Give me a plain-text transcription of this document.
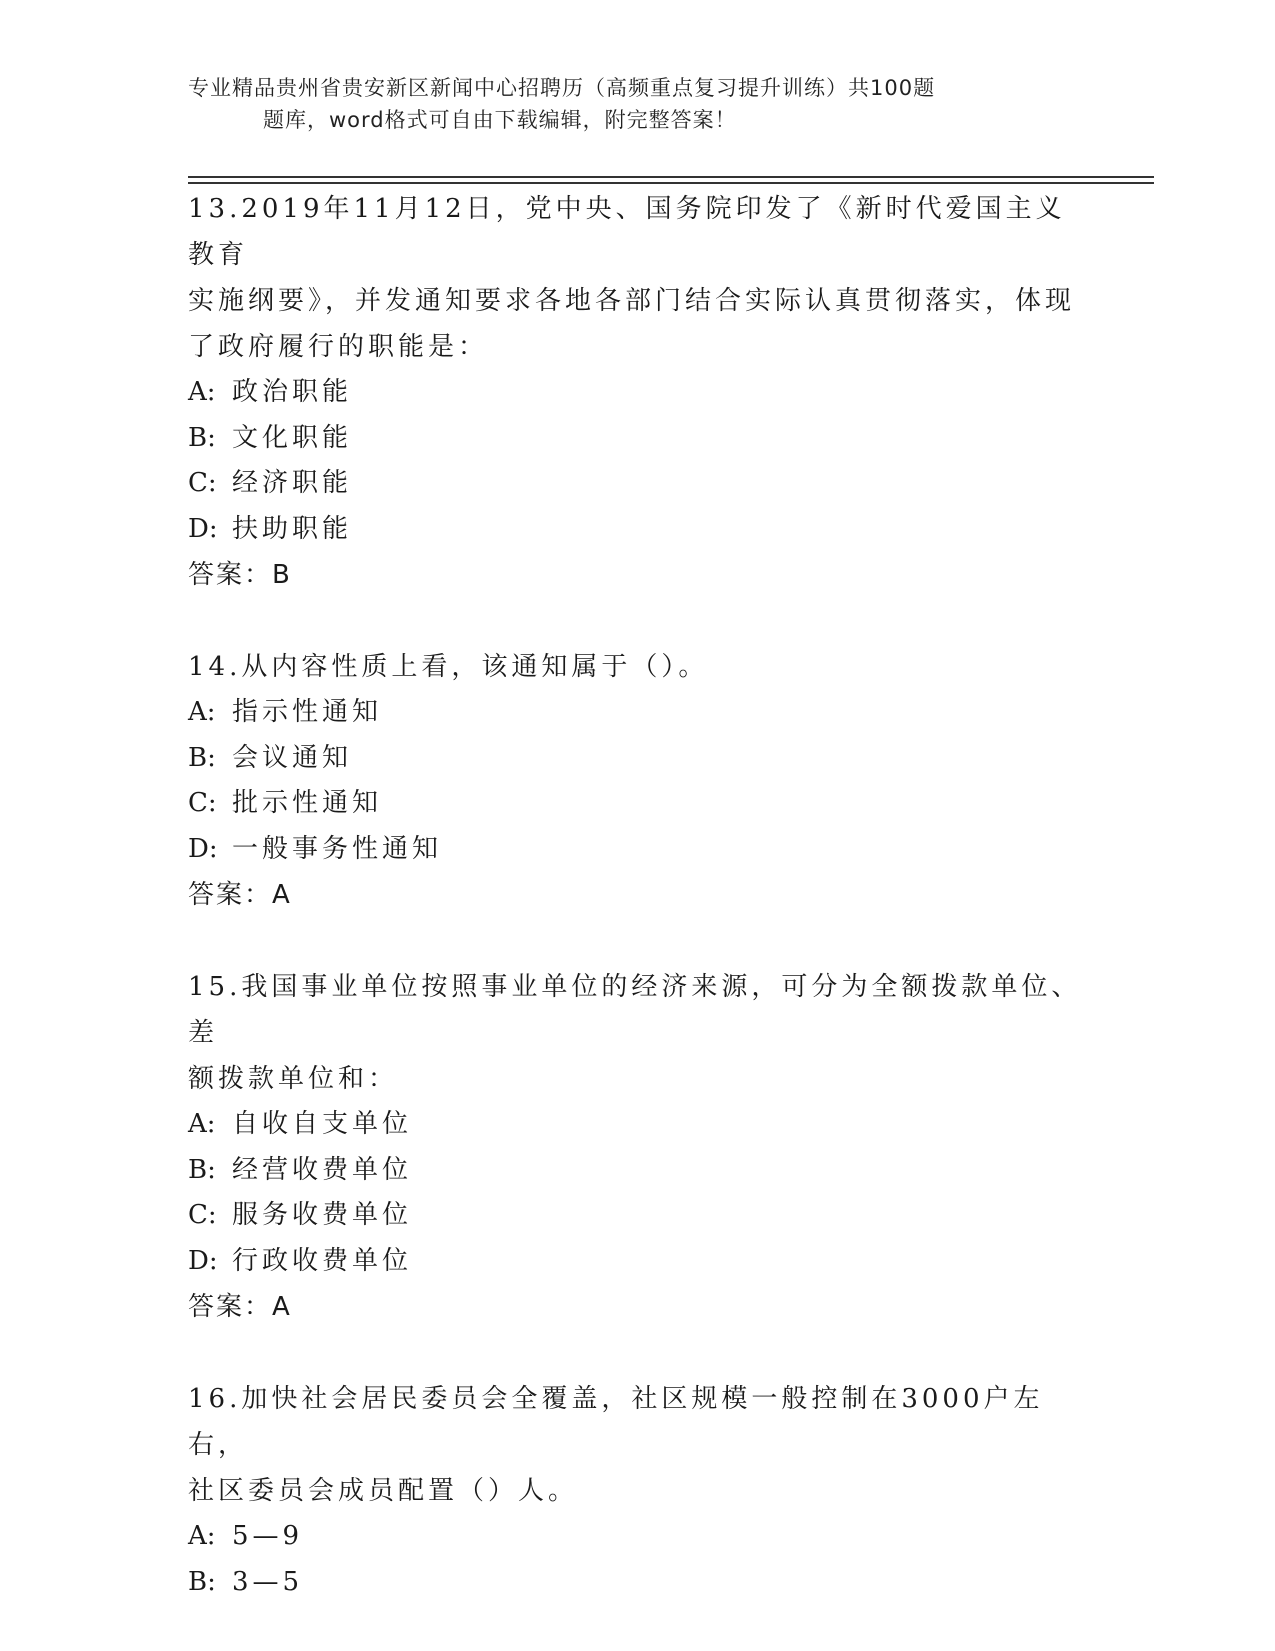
专业精品贵州省贵安新区新闻中心招聘历（高频重点复习提升训练）共100题
题库，word格式可自由下载编辑，附完整答案！

13.2019年11月12日，党中央、国务院印发了《新时代爱国主义教育

实施纲要》，并发通知要求各地各部门结合实际认真贯彻落实，体现

了政府履行的职能是：

A: 政治职能

B: 文化职能

C: 经济职能

D: 扶助职能

答案：B

14.从内容性质上看，该通知属于（）。

A: 指示性通知

B: 会议通知

C: 批示性通知

D: 一般事务性通知

答案：A

15.我国事业单位按照事业单位的经济来源，可分为全额拨款单位、差

额拨款单位和：

A: 自收自支单位

B: 经营收费单位

C: 服务收费单位

D: 行政收费单位

答案：A

16.加快社会居民委员会全覆盖，社区规模一般控制在3000户左右，

社区委员会成员配置（）人。

A: 5—9

B: 3—5
